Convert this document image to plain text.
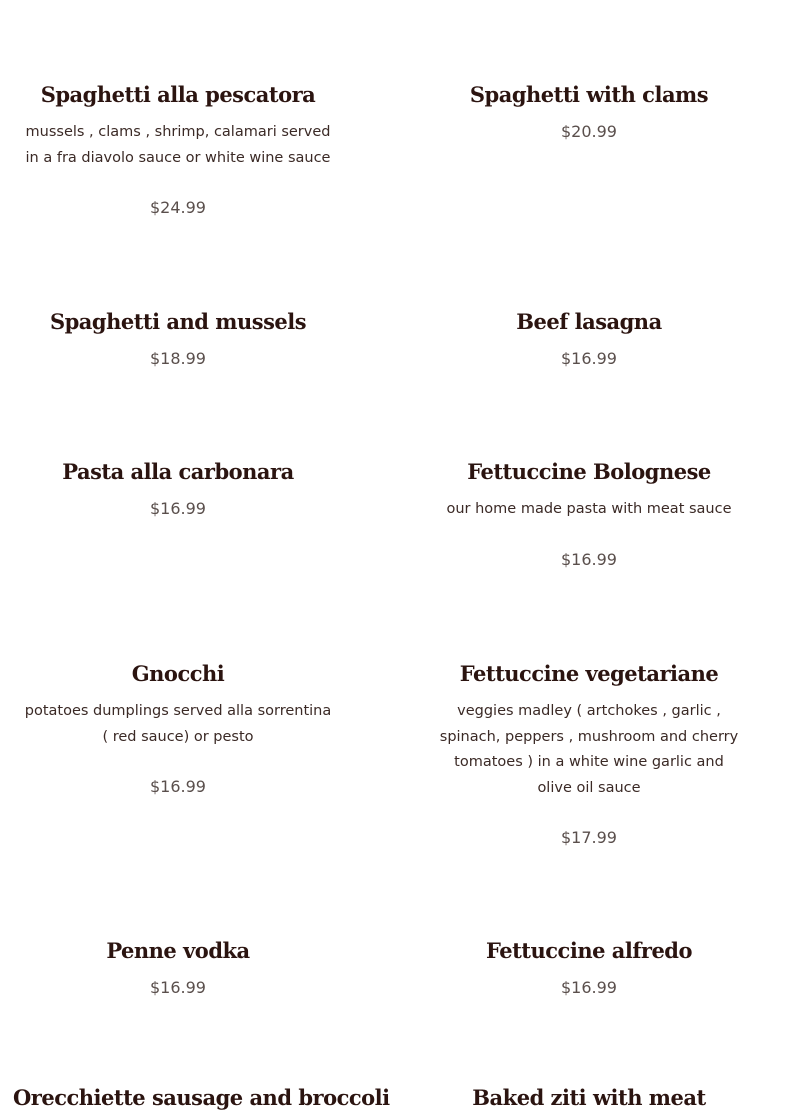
Spaghetti alla pescatora

mussels , clams , shrimp, calamari served in a fra diavolo sauce or white wine sauce

$24.99

Spaghetti and mussels

$18.99

Pasta alla carbonara

$16.99

Gnocchi

potatoes dumplings served alla sorrentina ( red sauce) or pesto

$16.99

Penne vodka

$16.99

Orecchiette sausage and broccoli
Spaghetti with clams

$20.99

Beef lasagna

$16.99

Fettuccine Bolognese

our home made pasta with meat sauce

$16.99

Fettuccine vegetariane

veggies madley ( artchokes , garlic , spinach, peppers , mushroom and cherry tomatoes ) in a white wine garlic and olive oil sauce

$17.99

Fettuccine alfredo

$16.99

Baked ziti with meat
